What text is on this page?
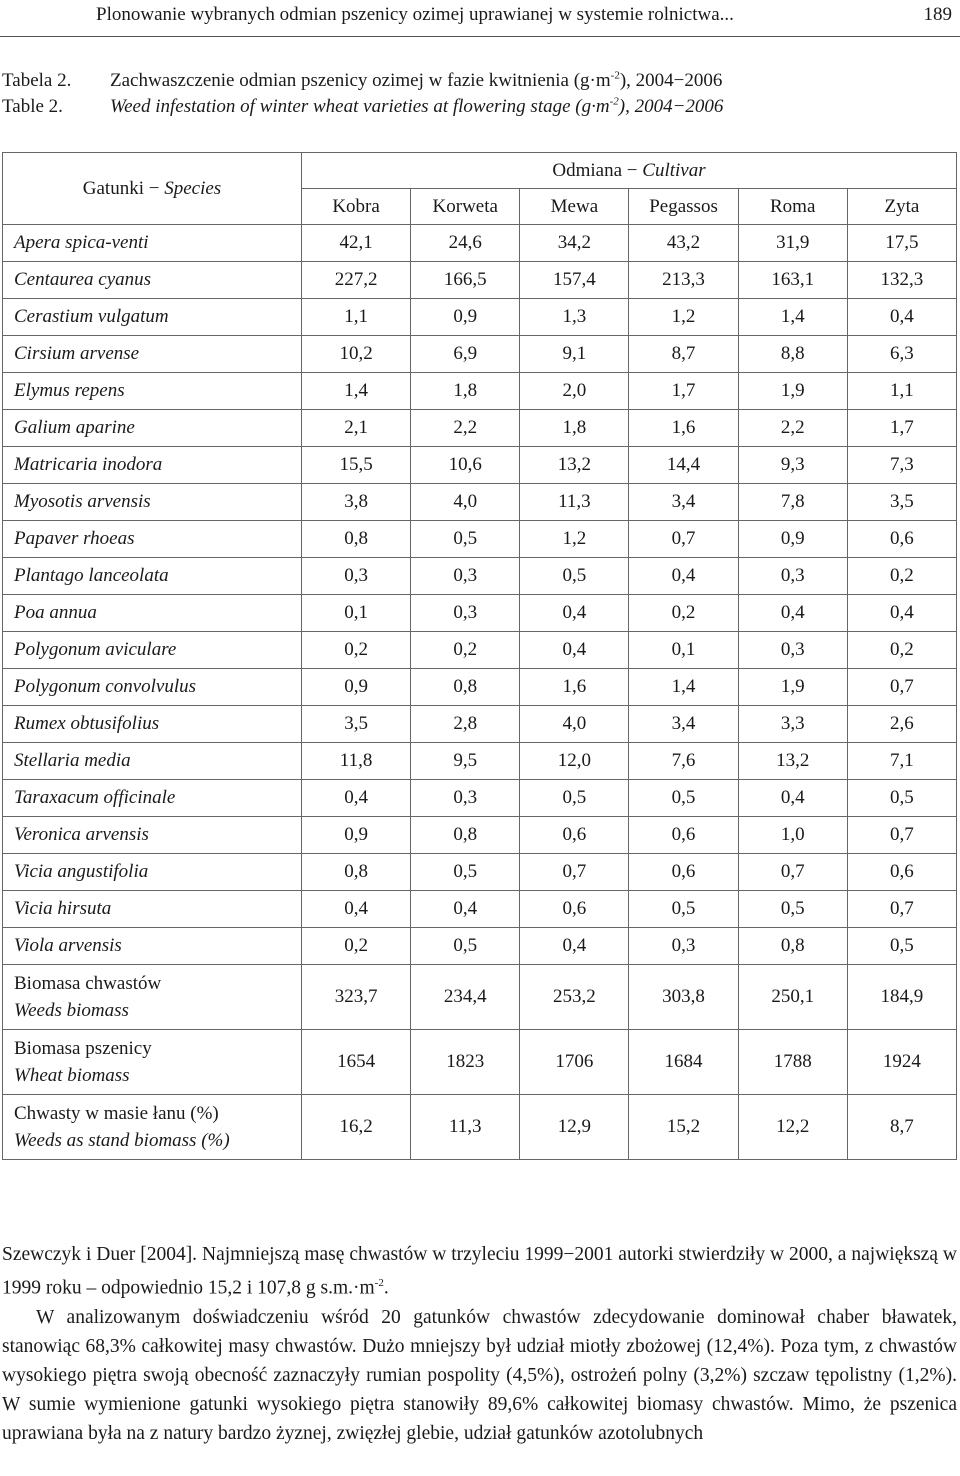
Plonowanie wybranych odmian pszenicy ozimej uprawianej w systemie rolnictwa...	189
Tabela 2. Zachwaszczenie odmian pszenicy ozimej w fazie kwitnienia $(g\cdot m^{-2})$, 2004−2006
Table 2. Weed infestation of winter wheat varieties at flowering stage $(g\cdot m^{-2})$, 2004−2006
Gatunki − Species	Odmiana − Cultivar					
	Kobra	Korweta	Mewa	Pegassos	Roma	Zyta
Apera spica-venti	42,1	24,6	34,2	43,2	31,9	17,5
Centaurea cyanus	227,2	166,5	157,4	213,3	163,1	132,3
Cerastium vulgatum	1,1	0,9	1,3	1,2	1,4	0,4
Cirsium arvense	10,2	6,9	9,1	8,7	8,8	6,3
Elymus repens	1,4	1,8	2,0	1,7	1,9	1,1
Galium aparine	2,1	2,2	1,8	1,6	2,2	1,7
Matricaria inodora	15,5	10,6	13,2	14,4	9,3	7,3
Myosotis arvensis	3,8	4,0	11,3	3,4	7,8	3,5
Papaver rhoeas	0,8	0,5	1,2	0,7	0,9	0,6
Plantago lanceolata	0,3	0,3	0,5	0,4	0,3	0,2
Poa annua	0,1	0,3	0,4	0,2	0,4	0,4
Polygonum aviculare	0,2	0,2	0,4	0,1	0,3	0,2
Polygonum convolvulus	0,9	0,8	1,6	1,4	1,9	0,7
Rumex obtusifolius	3,5	2,8	4,0	3,4	3,3	2,6
Stellaria media	11,8	9,5	12,0	7,6	13,2	7,1
Taraxacum officinale	0,4	0,3	0,5	0,5	0,4	0,5
Veronica arvensis	0,9	0,8	0,6	0,6	1,0	0,7
Vicia angustifolia	0,8	0,5	0,7	0,6	0,7	0,6
Vicia hirsuta	0,4	0,4	0,6	0,5	0,5	0,7
Viola arvensis	0,2	0,5	0,4	0,3	0,8	0,5

Biomasa chwastów
Weeds biomass	323,7	234,4	253,2	303,8	250,1	184,9

Biomasa pszenicy
Wheat biomass	1654	1823	1706	1684	1788	1924

Chwasty w masie łanu (%)
Weeds as stand biomass (%)	16,2	11,3	12,9	15,2	12,2	8,7

Szewczyk i Duer [2004]. Najmniejszą masę chwastów w trzyleciu 1999−2001 autorki stwierdziły w 2000, a największą w 1999 roku – odpowiednio 15,2 i 107,8 g $s.m.\cdot m^{-2}$.

W analizowanym doświadczeniu wśród 20 gatunków chwastów zdecydowanie dominował chaber bławatek, stanowiąc 68,3% całkowitej masy chwastów. Dużo mniejszy był udział miotły zbożowej (12,4%). Poza tym, z chwastów wysokiego piętra swoją obecność zaznaczyły rumian pospolity (4,5%), ostrożeń polny (3,2%) szczaw tępolistny (1,2%). W sumie wymienione gatunki wysokiego piętra stanowiły 89,6% całkowitej biomasy chwastów. Mimo, że pszenica uprawiana była na z natury bardzo żyznej, zwięzłej glebie, udział gatunków azotolubnych
